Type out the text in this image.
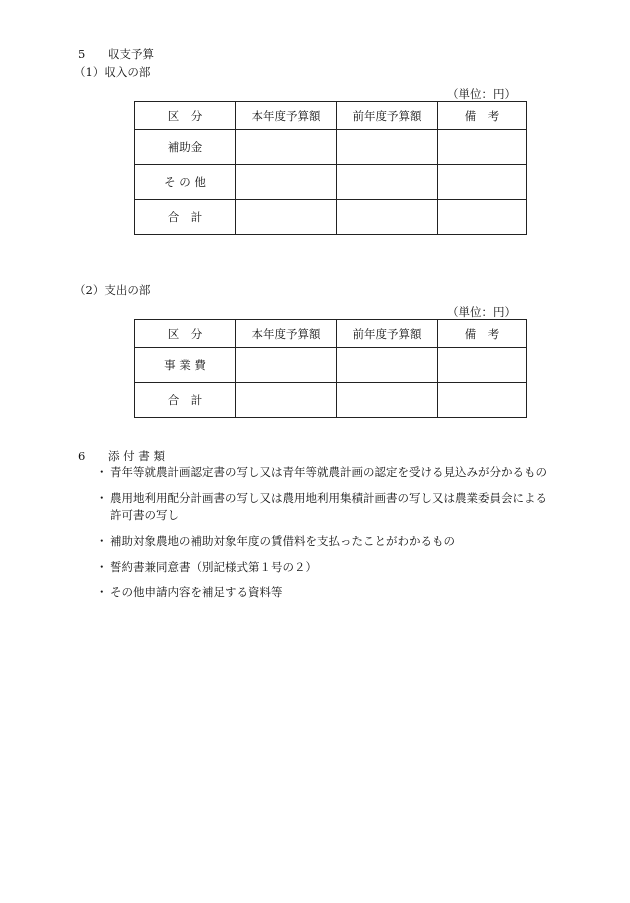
5 収支予算
（1）収入の部
（単位：円）
区　分	本年度予算額	前年度予算額	備　考
補助金			
そ の 他			
合　計			
（2）支出の部
（単位：円）
区　分	本年度予算額	前年度予算額	備　考
事 業 費			
合　計			
6 添 付 書 類
・ 青年等就農計画認定書の写し又は青年等就農計画の認定を受ける見込みが分かるもの
・ 農用地利用配分計画書の写し又は農用地利用集積計画書の写し又は農業委員会による
許可書の写し
・ 補助対象農地の補助対象年度の賃借料を支払ったことがわかるもの
・ 誓約書兼同意書（別記様式第１号の２）
・ その他申請内容を補足する資料等
